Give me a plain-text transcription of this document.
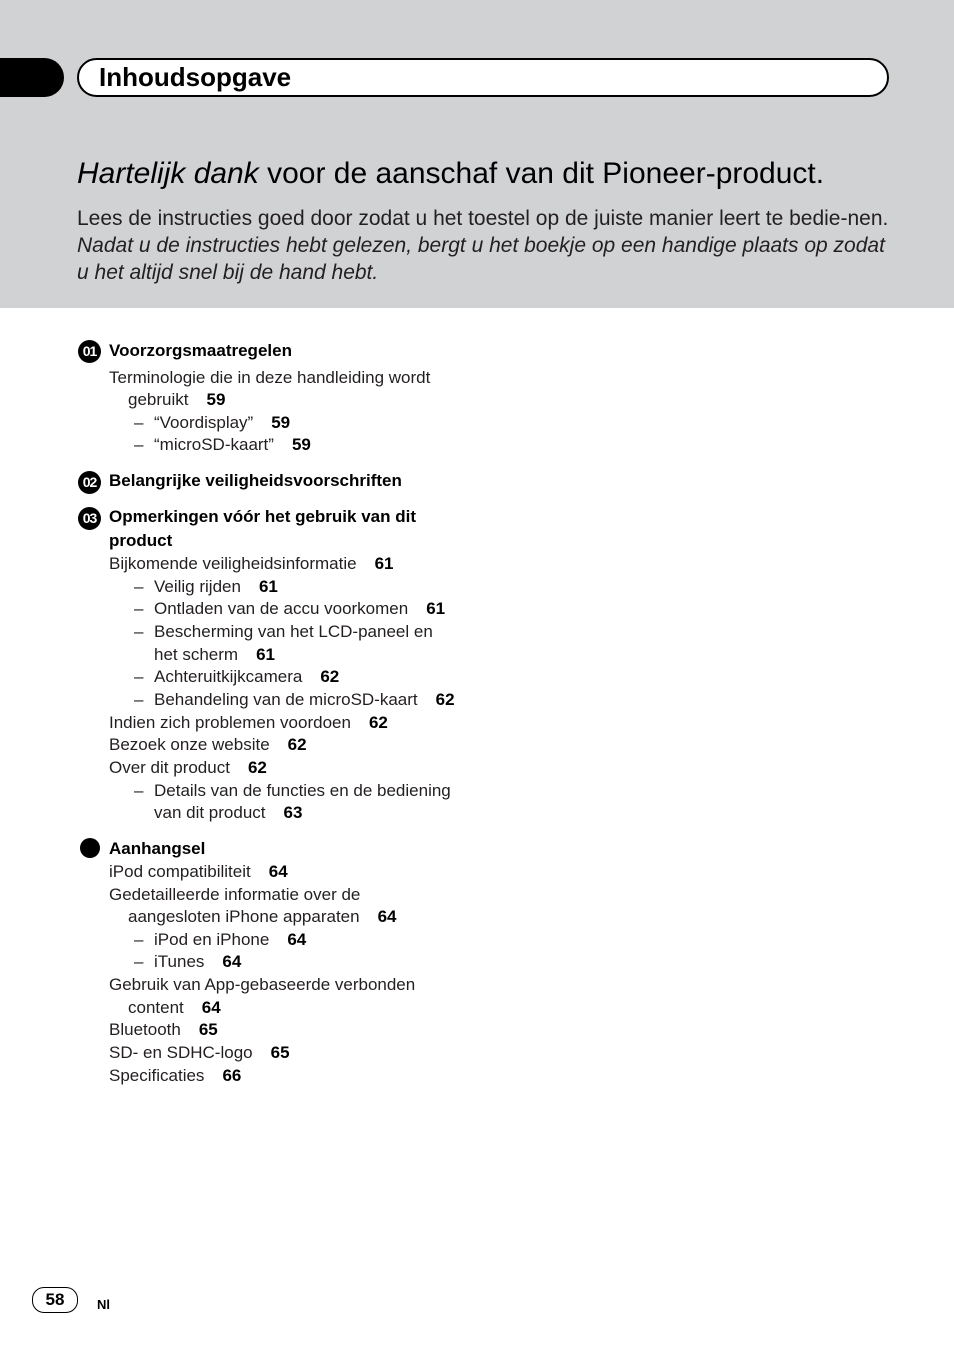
Inhoudsopgave
Hartelijk dank voor de aanschaf van dit Pioneer-product.
Lees de instructies goed door zodat u het toestel op de juiste manier leert te bedie-nen. Nadat u de instructies hebt gelezen, bergt u het boekje op een handige plaats op zodat u het altijd snel bij de hand hebt.
01 Voorzorgsmaatregelen
Terminologie die in deze handleiding wordt
gebruikt 59
– “Voordisplay” 59
– “microSD-kaart” 59
02 Belangrijke veiligheidsvoorschriften
03 Opmerkingen vóór het gebruik van dit
product
Bijkomende veiligheidsinformatie 61
– Veilig rijden 61
– Ontladen van de accu voorkomen 61
– Bescherming van het LCD-paneel en
het scherm 61
– Achteruitkijkcamera 62
– Behandeling van de microSD-kaart 62
Indien zich problemen voordoen 62
Bezoek onze website 62
Over dit product 62
– Details van de functies en de bediening
van dit product 63
Aanhangsel
iPod compatibiliteit 64
Gedetailleerde informatie over de
aangesloten iPhone apparaten 64
– iPod en iPhone 64
– iTunes 64
Gebruik van App-gebaseerde verbonden
content 64
Bluetooth 65
SD- en SDHC-logo 65
Specificaties 66
58	Nl
